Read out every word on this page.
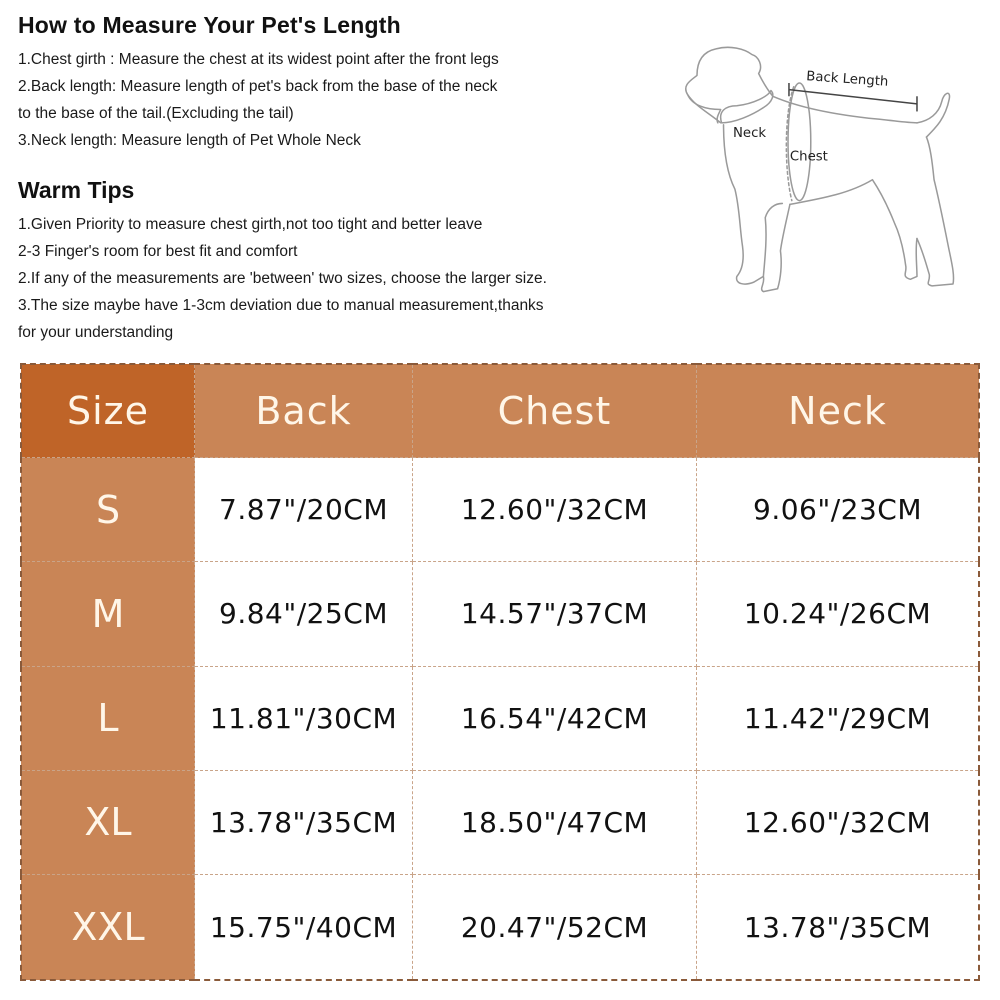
How to Measure Your Pet's Length
1.Chest girth : Measure the chest at its widest point after the front legs
2.Back length: Measure length of pet's back from the base of the neck
to the base of the tail.(Excluding the tail)
3.Neck length: Measure length of Pet Whole Neck
Warm Tips
1.Given Priority to measure chest girth,not too tight and better leave
2-3 Finger's room for best fit and comfort
2.If any of the measurements are 'between' two sizes, choose the larger size.
3.The size maybe have 1-3cm deviation due to manual measurement,thanks
for your understanding
Back Length
Neck
Chest
Size	Back	Chest	Neck
S	7.87"/20CM	12.60"/32CM	9.06"/23CM
M	9.84"/25CM	14.57"/37CM	10.24"/26CM
L	11.81"/30CM	16.54"/42CM	11.42"/29CM
XL	13.78"/35CM	18.50"/47CM	12.60"/32CM
XXL	15.75"/40CM	20.47"/52CM	13.78"/35CM
